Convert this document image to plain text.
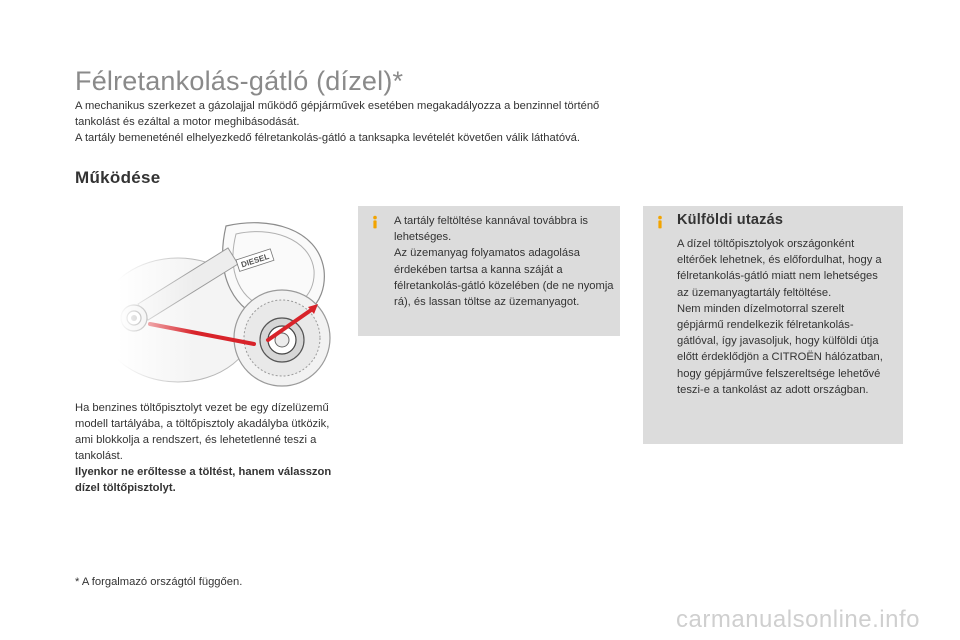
Félretankolás-gátló (dízel)*

A mechanikus szerkezet a gázolajjal működő gépjárművek esetében megakadályozza a benzinnel történő tankolást és ezáltal a motor meghibásodását.

A tartály bemeneténél elhelyezkedő félretankolás-gátló a tanksapka levételét követően válik láthatóvá.

Működése

Ha benzines töltőpisztolyt vezet be egy dízelüzemű modell tartályába, a töltőpisztoly akadályba ütközik, ami blokkolja a rendszert, és lehetetlenné teszi a tankolást.

Ilyenkor ne erőltesse a töltést, hanem válasszon dízel töltőpisztolyt.

A tartály feltöltése kannával továbbra is lehetséges.

Az üzemanyag folyamatos adagolása érdekében tartsa a kanna száját a félretankolás-gátló közelében (de ne nyomja rá), és lassan töltse az üzemanyagot.

Külföldi utazás

A dízel töltőpisztolyok országonként eltérőek lehetnek, és előfordulhat, hogy a félretankolás-gátló miatt nem lehetséges az üzemanyagtartály feltöltése.

Nem minden dízelmotorral szerelt gépjármű rendelkezik félretankolás-gátlóval, így javasoljuk, hogy külföldi útja előtt érdeklődjön a CITROËN hálózatban, hogy gépjárműve felszereltsége lehetővé teszi-e a tankolást az adott országban.

* A forgalmazó országtól függően.
carmanualsonline.info
